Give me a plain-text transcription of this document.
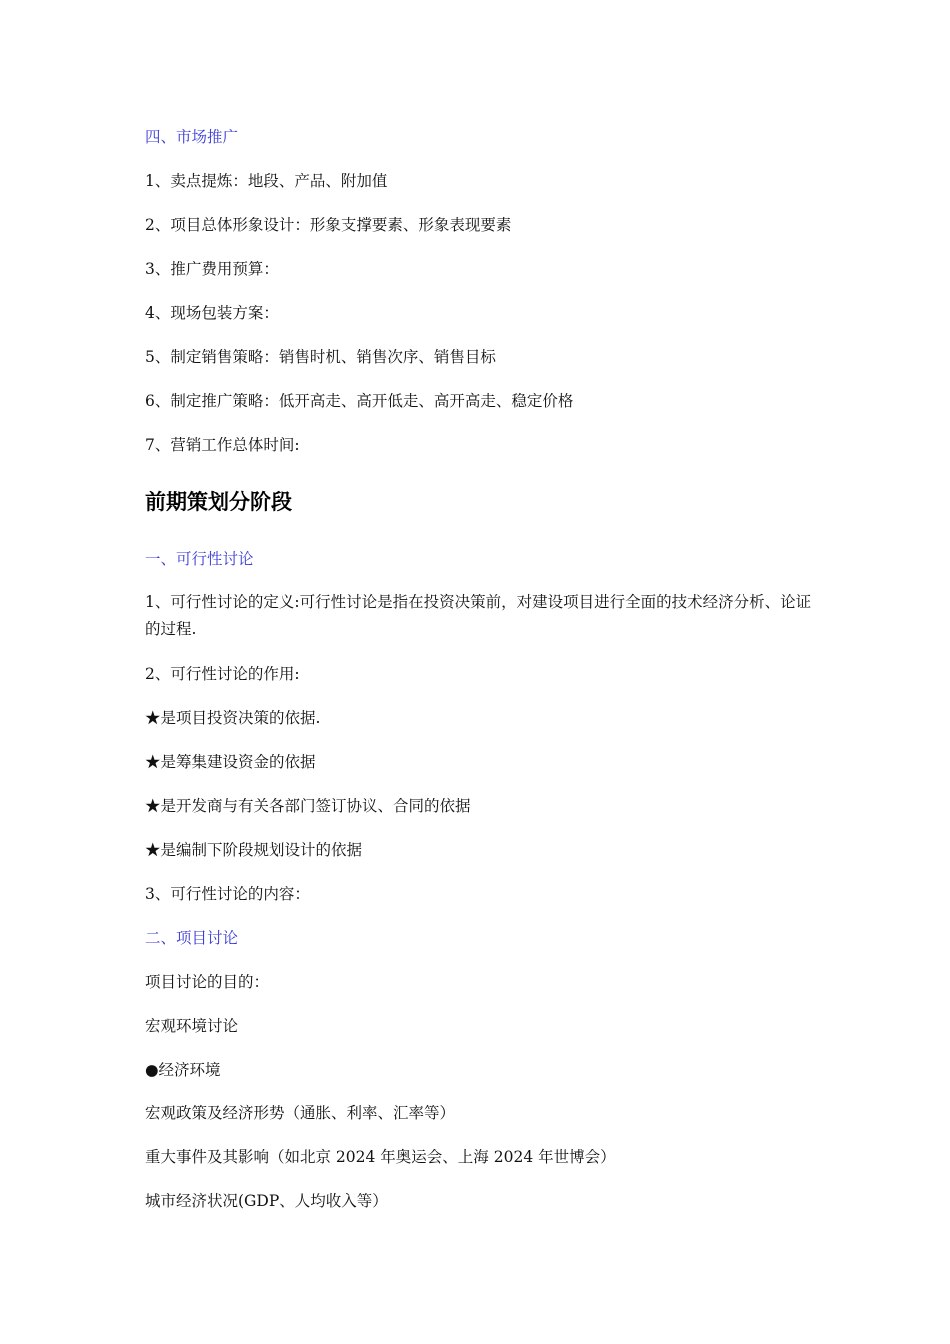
四、市场推广
1、卖点提炼：地段、产品、附加值
2、项目总体形象设计：形象支撑要素、形象表现要素
3、推广费用预算：
4、现场包装方案：
5、制定销售策略：销售时机、销售次序、销售目标
6、制定推广策略：低开高走、高开低走、高开高走、稳定价格
7、营销工作总体时间:
前期策划分阶段
一、可行性讨论
1、可行性讨论的定义:可行性讨论是指在投资决策前，对建设项目进行全面的技术经济分析、论证的过程.
2、可行性讨论的作用:
★是项目投资决策的依据.
★是筹集建设资金的依据
★是开发商与有关各部门签订协议、合同的依据
★是编制下阶段规划设计的依据
3、可行性讨论的内容：
二、项目讨论
项目讨论的目的：
宏观环境讨论
●经济环境
宏观政策及经济形势（通胀、利率、汇率等）
重大事件及其影响（如北京 2024 年奥运会、上海 2024 年世博会）
城市经济状况(GDP、人均收入等）
